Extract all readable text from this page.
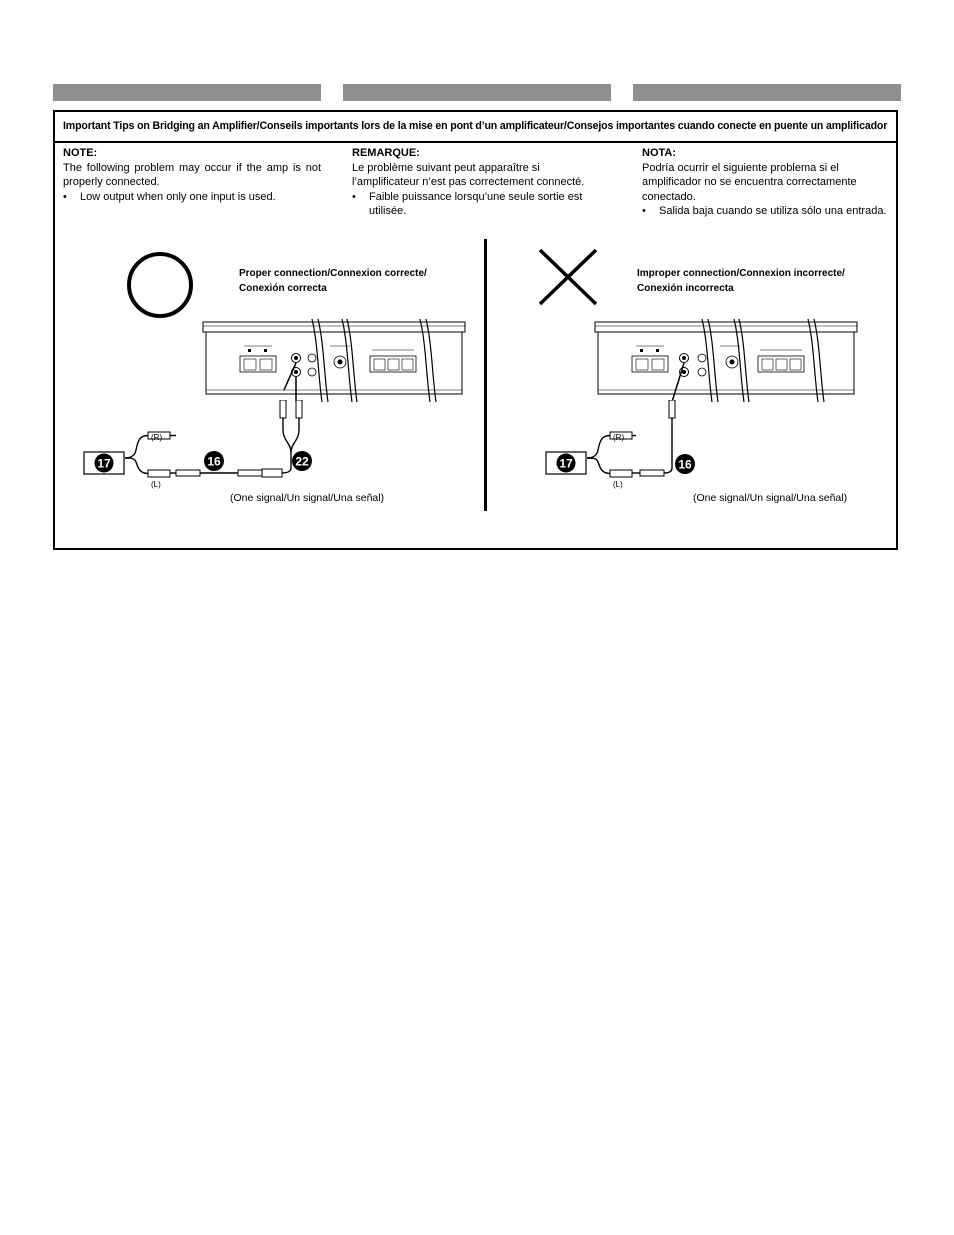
Important Tips on Bridging an Amplifier/Conseils importants lors de la mise en pont d’un amplificateur/Consejos importantes cuando conecte en puente un amplificador
NOTE:
The following problem may occur if the amp is not properly connected.
•	Low output when only one input is used.
REMARQUE:
Le problème suivant peut apparaître si l’amplificateur n’est pas correctement connecté.
•	Faible puissance lorsqu’une seule sortie est utilisée.
NOTA:
Podría ocurrir el siguiente problema si el amplificador no se encuentra correctamente conectado.
•	Salida baja cuando se utiliza sólo una entrada.
Proper connection/Connexion correcte/
Conexión correcta
(R)
(L)
17	16	22
(One signal/Un signal/Una señal)
Improper connection/Connexion incorrecte/
Conexión incorrecta
(R)
(L)
17	16
(One signal/Un signal/Una señal)
